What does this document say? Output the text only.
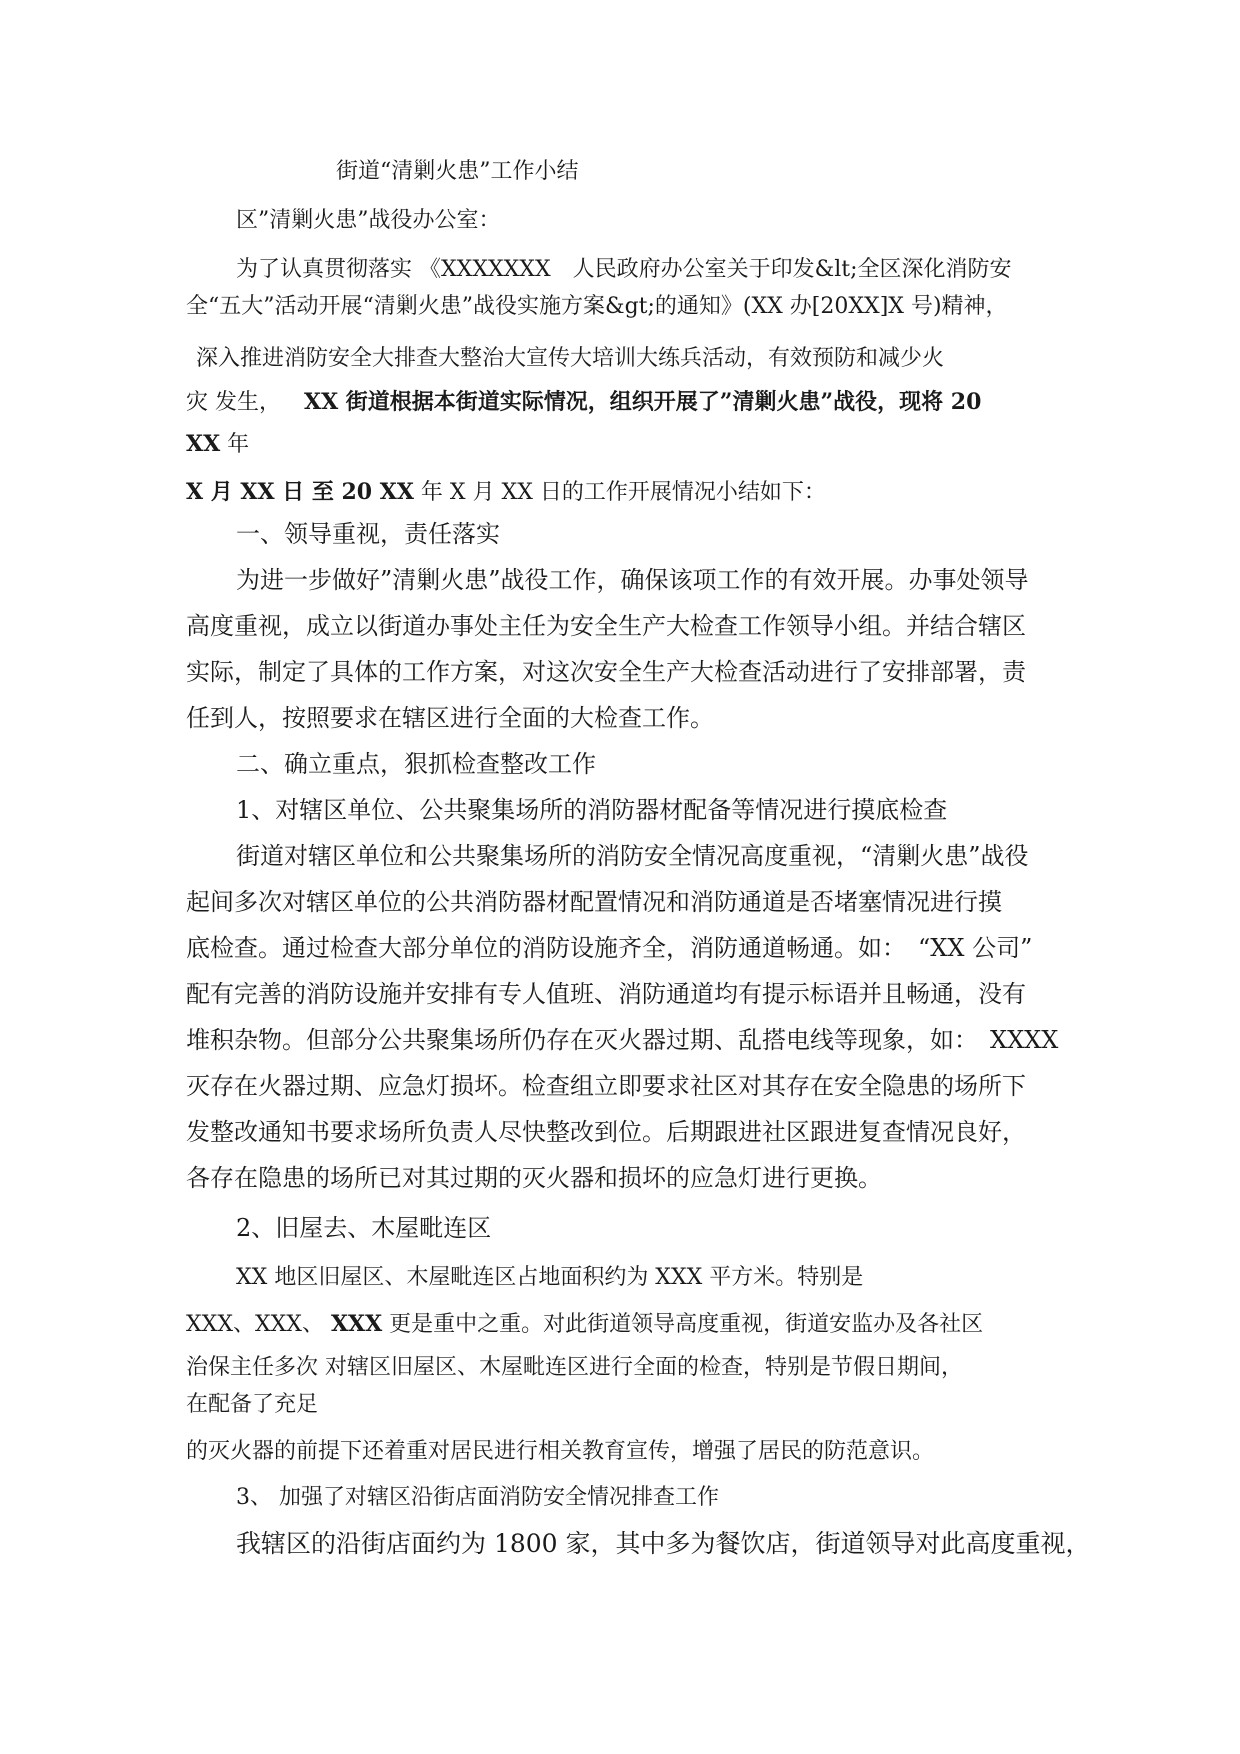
街道“清剿火患”工作小结

区”清剿火患”战役办公室：

为了认真贯彻落实 《XXXXXXX　人民政府办公室关于印发&lt;全区深化消防安

全“五大”活动开展“清剿火患”战役实施方案&gt;的通知》(XX 办[20XX]X 号)精神，

深入推进消防安全大排查大整治大宣传大培训大练兵活动，有效预防和减少火

灾 发生， XX 街道根据本街道实际情况，组织开展了”清剿火患”战役，现将 20

XX 年

X 月 XX 日 至 20 XX 年 X 月 XX 日的工作开展情况小结如下：

一、领导重视，责任落实

为进一步做好”清剿火患”战役工作，确保该项工作的有效开展。办事处领导

高度重视，成立以街道办事处主任为安全生产大检查工作领导小组。并结合辖区

实际，制定了具体的工作方案，对这次安全生产大检查活动进行了安排部署，责

任到人，按照要求在辖区进行全面的大检查工作。

二、确立重点，狠抓检查整改工作

1、对辖区单位、公共聚集场所的消防器材配备等情况进行摸底检查

街道对辖区单位和公共聚集场所的消防安全情况高度重视，“清剿火患”战役

起间多次对辖区单位的公共消防器材配置情况和消防通道是否堵塞情况进行摸

底检查。通过检查大部分单位的消防设施齐全，消防通道畅通。如：　“XX 公司”

配有完善的消防设施并安排有专人值班、消防通道均有提示标语并且畅通，没有

堆积杂物。但部分公共聚集场所仍存在灭火器过期、乱搭电线等现象，如：　XXXX

灭存在火器过期、应急灯损坏。检查组立即要求社区对其存在安全隐患的场所下

发整改通知书要求场所负责人尽快整改到位。后期跟进社区跟进复查情况良好，

各存在隐患的场所已对其过期的灭火器和损坏的应急灯进行更换。

2、旧屋去、木屋毗连区

XX 地区旧屋区、木屋毗连区占地面积约为 XXX 平方米。特别是

XXX、XXX、 XXX 更是重中之重。对此街道领导高度重视，街道安监办及各社区

治保主任多次 对辖区旧屋区、木屋毗连区进行全面的检查，特别是节假日期间，

在配备了充足

的灭火器的前提下还着重对居民进行相关教育宣传，增强了居民的防范意识。

3、 加强了对辖区沿街店面消防安全情况排查工作

我辖区的沿街店面约为 1800 家，其中多为餐饮店，街道领导对此高度重视，
